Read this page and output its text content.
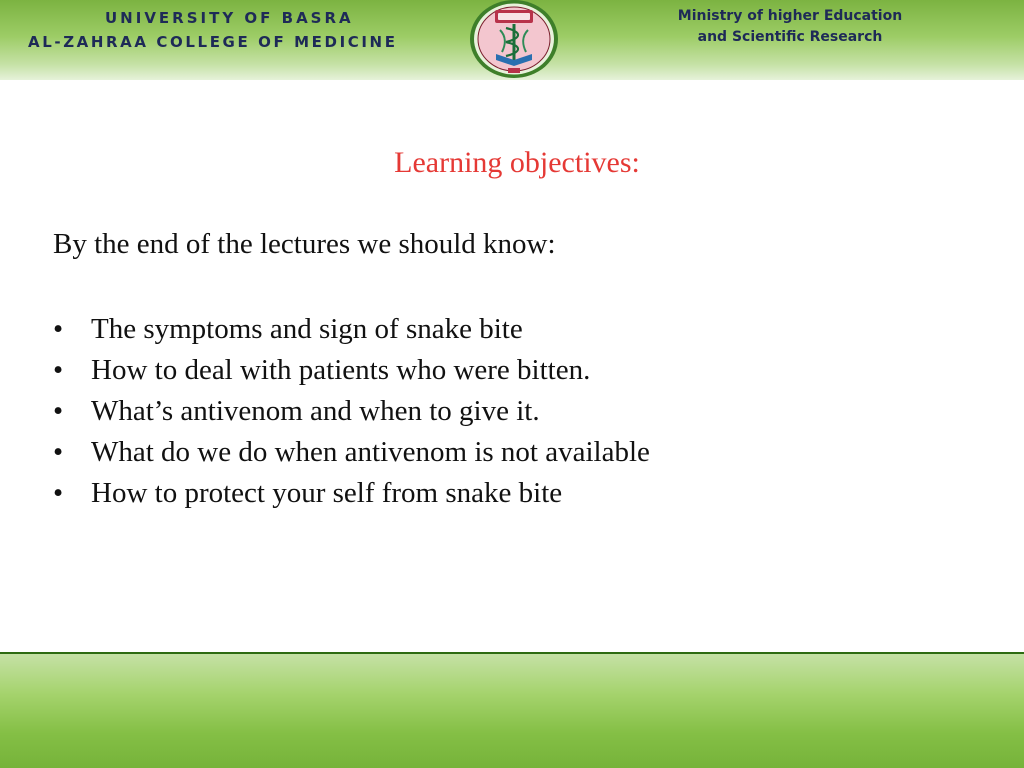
UNIVERSITY OF BASRA
AL-ZAHRAA COLLEGE OF MEDICINE
Ministry of higher Education
and Scientific Research
Learning objectives:
By the end of the lectures we should know:
• The symptoms and sign of snake bite
• How to deal with patients who were bitten.
• What’s antivenom and when to give it.
• What do we do when antivenom is not available
• How to protect your self from snake bite
